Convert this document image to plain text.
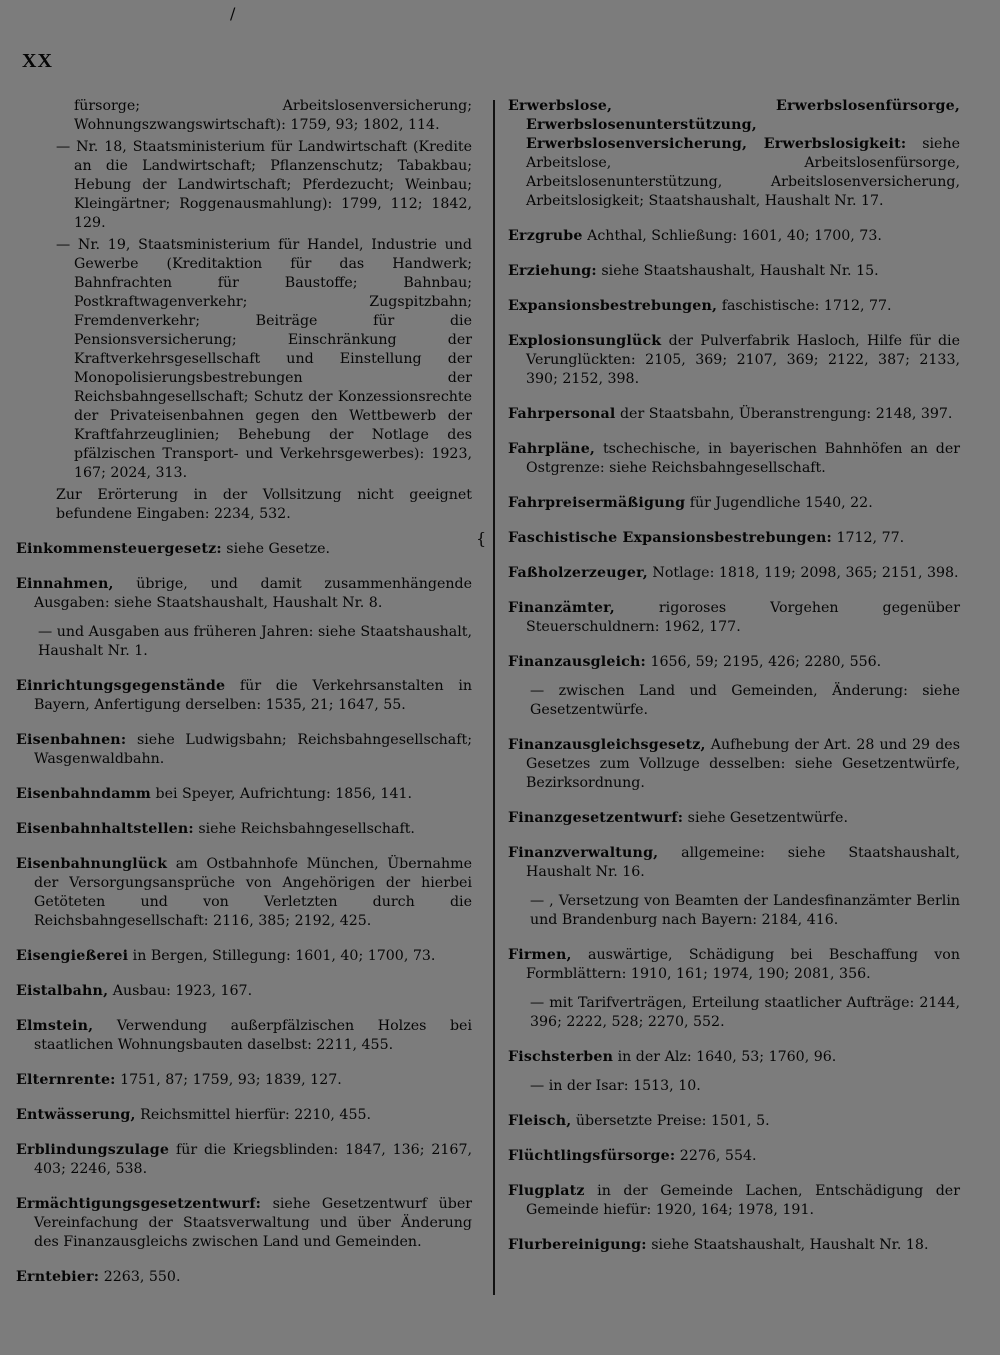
/
XX
fürsorge; Arbeitslosenversicherung; Wohnungszwangswirtschaft): 1759, 93; 1802, 114.
— Nr. 18, Staatsministerium für Landwirtschaft (Kredite an die Landwirtschaft; Pflanzenschutz; Tabakbau; Hebung der Landwirtschaft; Pferdezucht; Weinbau; Kleingärtner; Roggenausmahlung): 1799, 112; 1842, 129.
— Nr. 19, Staatsministerium für Handel, Industrie und Gewerbe (Kreditaktion für das Handwerk; Bahnfrachten für Baustoffe; Bahnbau; Postkraftwagenverkehr; Zugspitzbahn; Fremdenverkehr; Beiträge für die Pensionsversicherung; Einschränkung der Kraftverkehrsgesellschaft und Einstellung der Monopolisierungsbestrebungen der Reichsbahngesellschaft; Schutz der Konzessionsrechte der Privateisenbahnen gegen den Wettbewerb der Kraftfahrzeuglinien; Behebung der Notlage des pfälzischen Transport- und Verkehrsgewerbes): 1923, 167; 2024, 313.
Zur Erörterung in der Vollsitzung nicht geeignet befundene Eingaben: 2234, 532.
Einkommensteuergesetz: siehe Gesetze.
Einnahmen, übrige, und damit zusammenhängende Ausgaben: siehe Staatshaushalt, Haushalt Nr. 8.
— und Ausgaben aus früheren Jahren: siehe Staatshaushalt, Haushalt Nr. 1.
Einrichtungsgegenstände für die Verkehrsanstalten in Bayern, Anfertigung derselben: 1535, 21; 1647, 55.
Eisenbahnen: siehe Ludwigsbahn; Reichsbahngesellschaft; Wasgenwaldbahn.
Eisenbahndamm bei Speyer, Aufrichtung: 1856, 141.
Eisenbahnhaltstellen: siehe Reichsbahngesellschaft.
Eisenbahnunglück am Ostbahnhofe München, Übernahme der Versorgungsansprüche von Angehörigen der hierbei Getöteten und von Verletzten durch die Reichsbahngesellschaft: 2116, 385; 2192, 425.
Eisengießerei in Bergen, Stillegung: 1601, 40; 1700, 73.
Eistalbahn, Ausbau: 1923, 167.
Elmstein, Verwendung außerpfälzischen Holzes bei staatlichen Wohnungsbauten daselbst: 2211, 455.
Elternrente: 1751, 87; 1759, 93; 1839, 127.
Entwässerung, Reichsmittel hierfür: 2210, 455.
Erblindungszulage für die Kriegsblinden: 1847, 136; 2167, 403; 2246, 538.
Ermächtigungsgesetzentwurf: siehe Gesetzentwurf über Vereinfachung der Staatsverwaltung und über Änderung des Finanzausgleichs zwischen Land und Gemeinden.
Erntebier: 2263, 550.
Erwerbslose, Erwerbslosenfürsorge, Erwerbslosenunterstützung, Erwerbslosenversicherung, Erwerbslosigkeit: siehe Arbeitslose, Arbeitslosenfürsorge, Arbeitslosenunterstützung, Arbeitslosenversicherung, Arbeitslosigkeit; Staatshaushalt, Haushalt Nr. 17.
Erzgrube Achthal, Schließung: 1601, 40; 1700, 73.
Erziehung: siehe Staatshaushalt, Haushalt Nr. 15.
Expansionsbestrebungen, faschistische: 1712, 77.
Explosionsunglück der Pulverfabrik Hasloch, Hilfe für die Verunglückten: 2105, 369; 2107, 369; 2122, 387; 2133, 390; 2152, 398.
Fahrpersonal der Staatsbahn, Überanstrengung: 2148, 397.
Fahrpläne, tschechische, in bayerischen Bahnhöfen an der Ostgrenze: siehe Reichsbahngesellschaft.
Fahrpreisermäßigung für Jugendliche 1540, 22.
{	Faschistische Expansionsbestrebungen: 1712, 77.
Faßholzerzeuger, Notlage: 1818, 119; 2098, 365; 2151, 398.
Finanzämter, rigoroses Vorgehen gegenüber Steuerschuldnern: 1962, 177.
Finanzausgleich: 1656, 59; 2195, 426; 2280, 556.
— zwischen Land und Gemeinden, Änderung: siehe Gesetzentwürfe.
Finanzausgleichsgesetz, Aufhebung der Art. 28 und 29 des Gesetzes zum Vollzuge desselben: siehe Gesetzentwürfe, Bezirksordnung.
Finanzgesetzentwurf: siehe Gesetzentwürfe.
Finanzverwaltung, allgemeine: siehe Staatshaushalt, Haushalt Nr. 16.
— , Versetzung von Beamten der Landesfinanzämter Berlin und Brandenburg nach Bayern: 2184, 416.
Firmen, auswärtige, Schädigung bei Beschaffung von Formblättern: 1910, 161; 1974, 190; 2081, 356.
— mit Tarifverträgen, Erteilung staatlicher Aufträge: 2144, 396; 2222, 528; 2270, 552.
Fischsterben in der Alz: 1640, 53; 1760, 96.
— in der Isar: 1513, 10.
Fleisch, übersetzte Preise: 1501, 5.
Flüchtlingsfürsorge: 2276, 554.
Flugplatz in der Gemeinde Lachen, Entschädigung der Gemeinde hiefür: 1920, 164; 1978, 191.
Flurbereinigung: siehe Staatshaushalt, Haushalt Nr. 18.
